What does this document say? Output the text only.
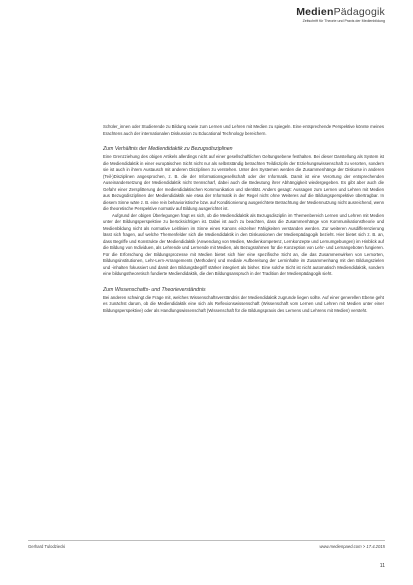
MedienPädagogik
Zeitschrift für Theorie und Praxis der Medienbildung

Schüler_innen oder Studierende zu Bildung sowie zum Lernen und Lehren mit Medien zu spiegeln. Eine entsprechende Perspektive könnte meines Erachtens auch der internationalen Diskussion zu Educational Technology bereichern.

Zum Verhältnis der Mediendidaktik zu Bezugsdisziplinen

Eine Grenzziehung des obigen Artikels allerdings nicht auf einer gesellschaftlichen Geltungsebene festhalten. Bei dieser Darstellung als System ist die Mediendidaktik in einer europäischen Sicht nicht nur als selbstständig betrachten Teildisziplin der Erziehungswissenschaft zu verorten, sondern sie ist auch in ihrem Austausch mit anderen Disziplinen zu verstehen. Unter den Systemen werden die Zusammenhänge der Diskurse in anderen (Teil-)Disziplinen angesprochen, z. B. die der Informationsgesellschaft oder der Informatik. Damit ist eine Verortung der entsprechenden Auseinandersetzung der Mediendidaktik nicht trennscharf, dabei auch die Bedeutung ihrer Abhängigkeit wiedergegeben. Es gibt aber auch die Gefahr einer Zersplitterung der mediendidaktischen Kommunikation und Identität. Anders gesagt: Aussagen zum Lernen und Lehren mit Medien aus Bezugsdisziplinen der Mediendidaktik wie etwa der Informatik in der Regel nicht ohne Weiteres auf die Bildungsperspektive übertragbar. In diesem Sinne wäre z. B. eine rein behavioristische bzw. auf Konditionierung ausgerichtete Betrachtung der Mediennutzung nicht ausreichend, wenn die theoretische Perspektive normativ auf Bildung ausgerichtet ist.

Aufgrund der obigen Überlegungen fragt es sich, ob die Mediendidaktik als Bezugsdisziplin im Themenbereich Lernen und Lehren mit Medien unter der Bildungsperspektive zu berücksichtigen ist. Dabei ist auch zu beachten, dass die Zusammenhänge von Kommunikationstheorie und Medienbildung nicht als normative Leitlinien im Sinne eines Kanons einzelner Fähigkeiten verstanden werden. Zur weiteren Ausdifferenzierung lässt sich fragen, auf welche Themenfelder sich die Mediendidaktik in den Diskussionen der Medienpädagogik bezieht. Hier bietet sich z. B. an, dass Begriffe und Konstrukte der Mediendidaktik (Anwendung von Medien, Medienkompetenz, Lernkonzepte und Lernumgebungen) im Hinblick auf die Bildung von Individuen, als Lehrende und Lernende mit Medien, als Bezugsrahmen für die Konzeption von Lehr- und Lernangeboten fungieren. Für die Erforschung der Bildungsprozesse mit Medien bietet sich hier eine spezifische Sicht an, die das Zusammenwirken von Lernorten, Bildungsinstitutionen, Lehr-Lern-Arrangements (Methoden) und mediale Aufbereitung der Lerninhalte im Zusammenhang mit den Bildungszielen und -inhalten fokussiert und damit den Bildungsbegriff stärker integriert als bisher. Eine solche Sicht ist nicht automatisch Mediendidaktik, sondern eine bildungstheoretisch fundierte Mediendidaktik, die den Bildungsanspruch in der Tradition der Medienpädagogik sieht.

Zum Wissenschafts- und Theorieverständnis

Bei anderen schwingt die Frage mit, welches Wissenschaftsverständnis der Mediendidaktik zugrunde liegen sollte. Auf einer generellen Ebene geht es zunächst darum, ob die Mediendidaktik eine sich als Reflexionswissenschaft (Wissenschaft vom Lernen und Lehren mit Medien unter einer Bildungsperspektive) oder als Handlungswissenschaft (Wissenschaft für die Bildungspraxis des Lernens und Lehrens mit Medien) versteht.

Gerhard Tulodziecki	www.medienpaed.com > 17.4.2015
11
